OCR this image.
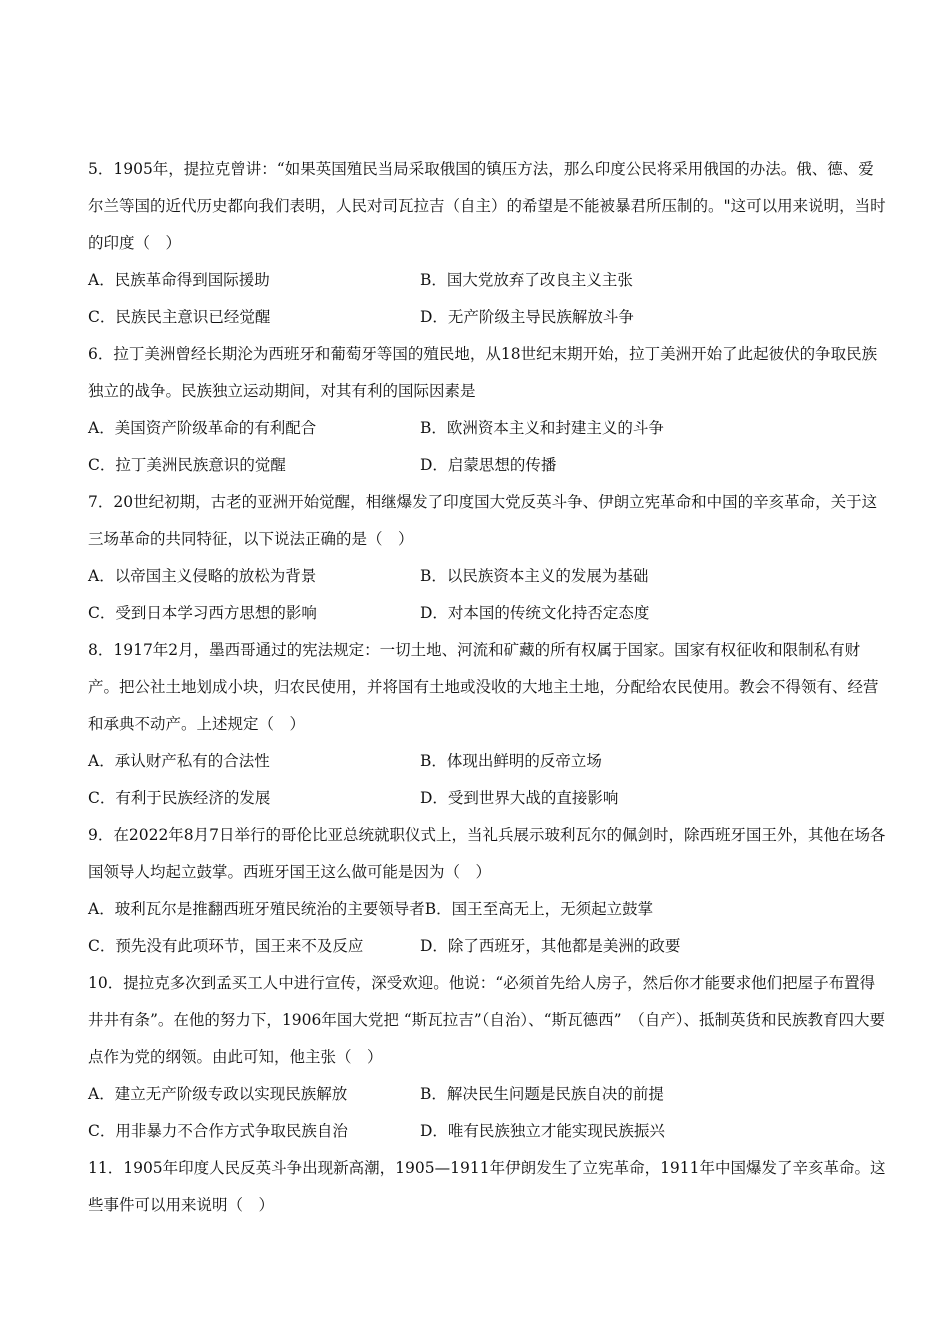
5．1905年，提拉克曾讲：“如果英国殖民当局采取俄国的镇压方法，那么印度公民将采用俄国的办法。俄、德、爱尔兰等国的近代历史都向我们表明，人民对司瓦拉吉（自主）的希望是不能被暴君所压制的。"这可以用来说明，当时的印度（　）

A．民族革命得到国际援助	B．国大党放弃了改良主义主张
C．民族民主意识已经觉醒	D．无产阶级主导民族解放斗争

6．拉丁美洲曾经长期沦为西班牙和葡萄牙等国的殖民地，从18世纪末期开始，拉丁美洲开始了此起彼伏的争取民族独立的战争。民族独立运动期间，对其有利的国际因素是

A．美国资产阶级革命的有利配合	B．欧洲资本主义和封建主义的斗争
C．拉丁美洲民族意识的觉醒	D．启蒙思想的传播

7．20世纪初期，古老的亚洲开始觉醒，相继爆发了印度国大党反英斗争、伊朗立宪革命和中国的辛亥革命，关于这三场革命的共同特征，以下说法正确的是（　）

A．以帝国主义侵略的放松为背景	B．以民族资本主义的发展为基础
C．受到日本学习西方思想的影响	D．对本国的传统文化持否定态度

8．1917年2月，墨西哥通过的宪法规定：一切土地、河流和矿藏的所有权属于国家。国家有权征收和限制私有财产。把公社土地划成小块，归农民使用，并将国有土地或没收的大地主土地，分配给农民使用。教会不得领有、经营和承典不动产。上述规定（　）

A．承认财产私有的合法性	B．体现出鲜明的反帝立场
C．有利于民族经济的发展	D．受到世界大战的直接影响

9．在2022年8月7日举行的哥伦比亚总统就职仪式上，当礼兵展示玻利瓦尔的佩剑时，除西班牙国王外，其他在场各国领导人均起立鼓掌。西班牙国王这么做可能是因为（　）

A．玻利瓦尔是推翻西班牙殖民统治的主要领导者 B．国王至高无上，无须起立鼓掌
C．预先没有此项环节，国王来不及反应	D．除了西班牙，其他都是美洲的政要

10．提拉克多次到孟买工人中进行宣传，深受欢迎。他说：“必须首先给人房子，然后你才能要求他们把屋子布置得井井有条”。在他的努力下，1906年国大党把 “斯瓦拉吉”（自治）、“斯瓦德西”　（自产）、抵制英货和民族教育四大要点作为党的纲领。由此可知，他主张（　）

A．建立无产阶级专政以实现民族解放	B．解决民生问题是民族自决的前提
C．用非暴力不合作方式争取民族自治	D．唯有民族独立才能实现民族振兴

11．1905年印度人民反英斗争出现新高潮，1905—1911年伊朗发生了立宪革命，1911年中国爆发了辛亥革命。这些事件可以用来说明（　）
